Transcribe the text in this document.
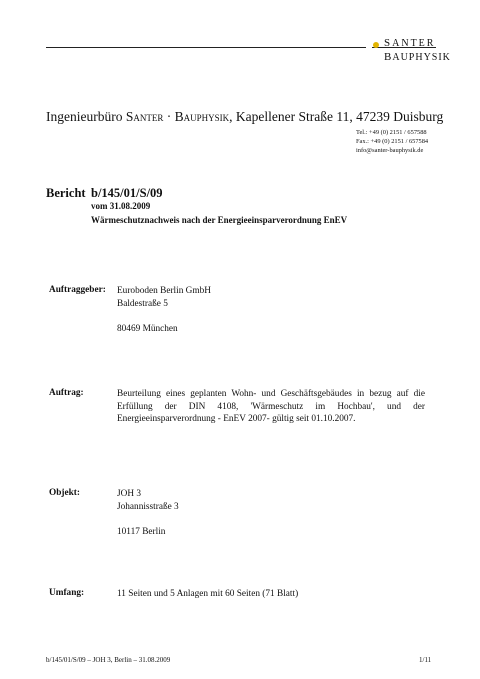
SANTER
BAUPHYSIK
Ingenieurbüro Santer · Bauphysik, Kapellener Straße 11, 47239 Duisburg
Tel.: +49 (0) 2151 / 657588
Fax.: +49 (0) 2151 / 657584
info@santer-bauphysik.de
Bericht b/145/01/S/09
vom 31.08.2009
Wärmeschutznachweis nach der Energieeinsparverordnung EnEV
Auftraggeber: Euroboden Berlin GmbH
Baldestraße 5
80469 München
Auftrag:	Beurteilung eines geplanten Wohn- und Geschäftsgebäudes in bezug auf die Erfüllung der DIN 4108, 'Wärmeschutz im Hochbau', und der Energieeinsparverordnung - EnEV 2007- gültig seit 01.10.2007.
Objekt:	JOH 3
Johannisstraße 3
10117 Berlin
Umfang:	11 Seiten und 5 Anlagen mit 60 Seiten (71 Blatt)
b/145/01/S/09 – JOH 3, Berlin – 31.08.2009	1/11
